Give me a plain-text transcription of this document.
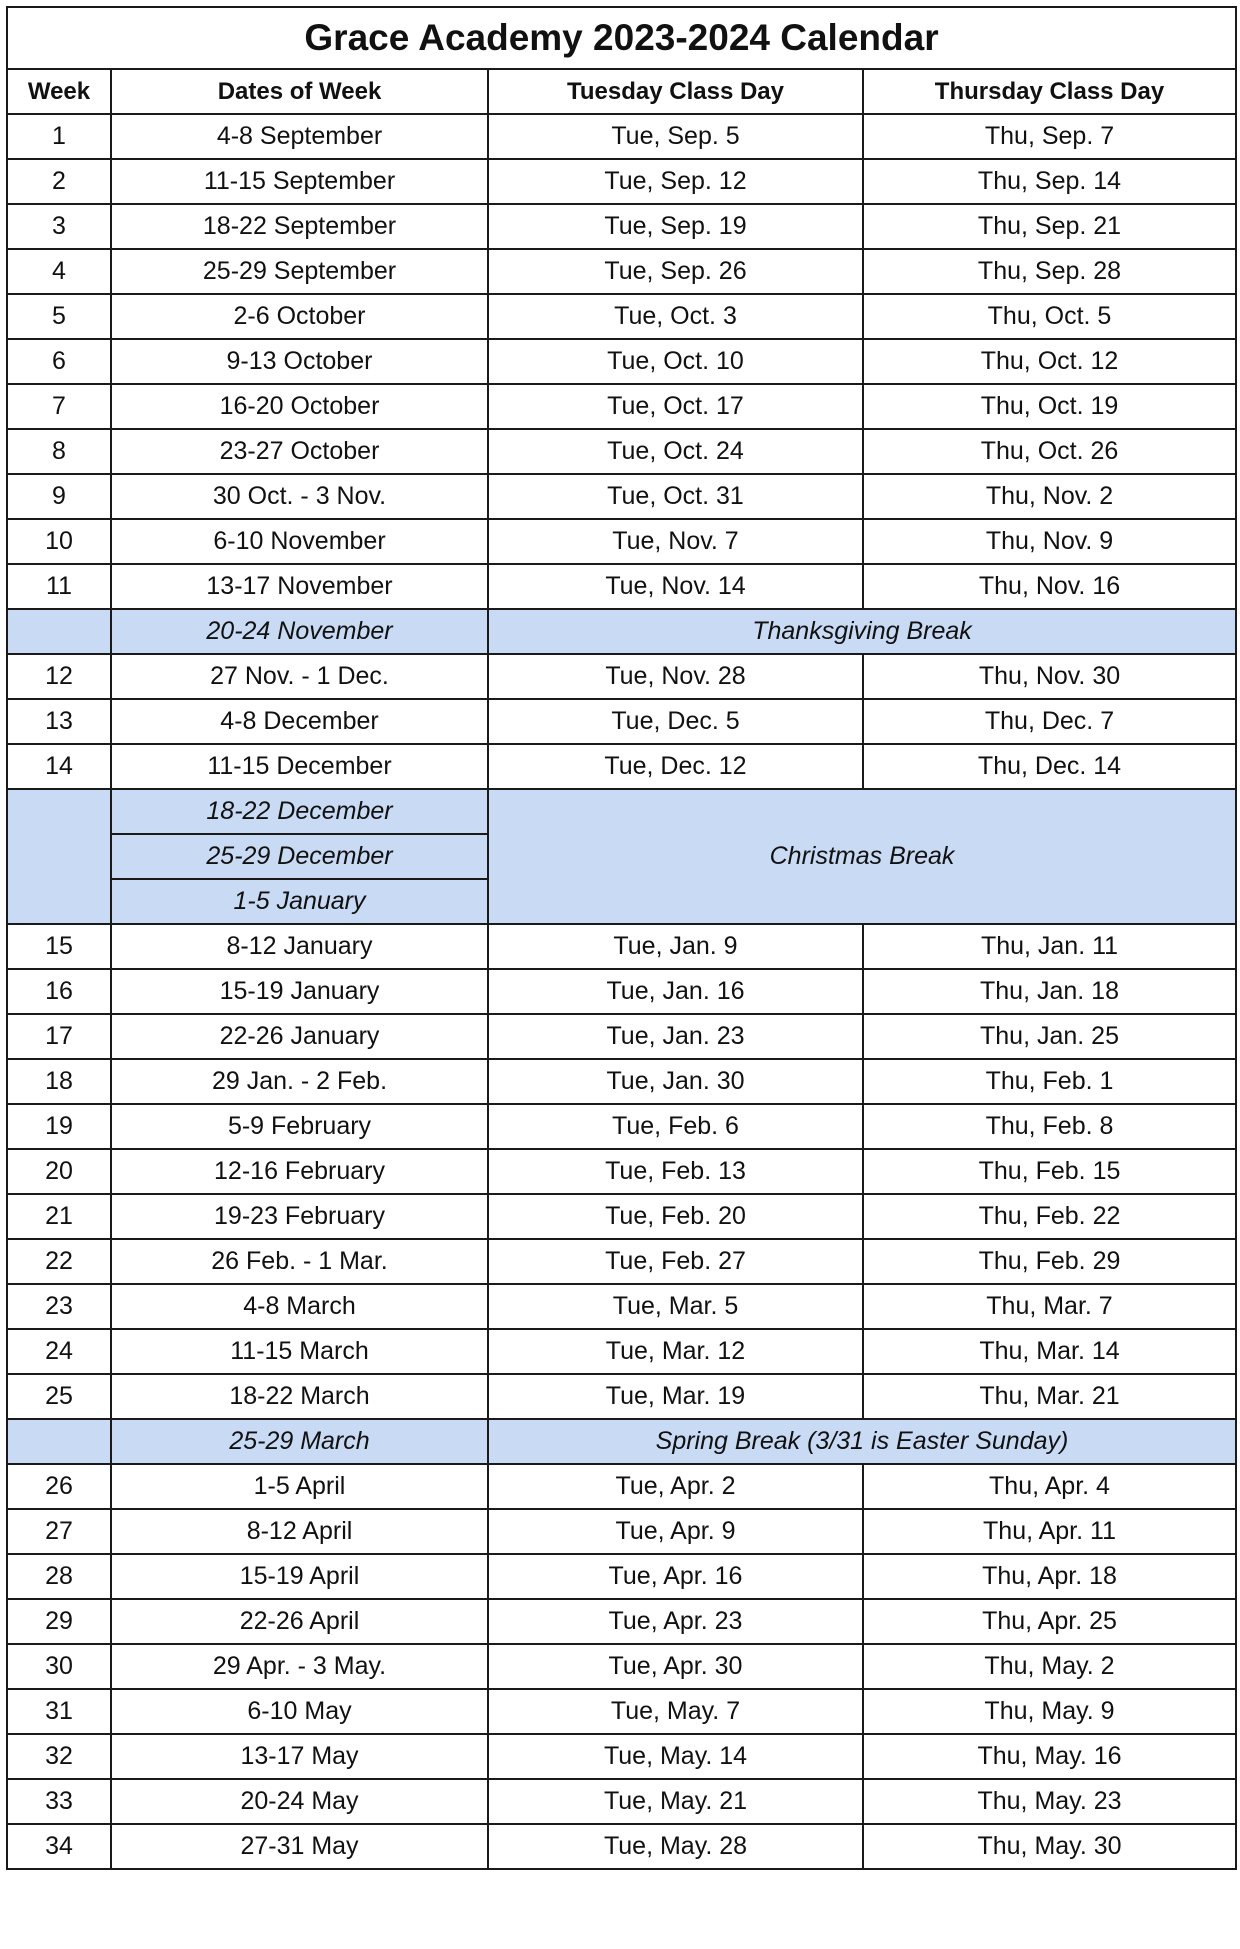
Grace Academy 2023-2024 Calendar			
Week	Dates of Week	Tuesday Class Day	Thursday Class Day
1	4-8 September	Tue, Sep. 5	Thu, Sep. 7
2	11-15 September	Tue, Sep. 12	Thu, Sep. 14
3	18-22 September	Tue, Sep. 19	Thu, Sep. 21
4	25-29 September	Tue, Sep. 26	Thu, Sep. 28
5	2-6 October	Tue, Oct. 3	Thu, Oct. 5
6	9-13 October	Tue, Oct. 10	Thu, Oct. 12
7	16-20 October	Tue, Oct. 17	Thu, Oct. 19
8	23-27 October	Tue, Oct. 24	Thu, Oct. 26
9	30 Oct. - 3 Nov.	Tue, Oct. 31	Thu, Nov. 2
10	6-10 November	Tue, Nov. 7	Thu, Nov. 9
11	13-17 November	Tue, Nov. 14	Thu, Nov. 16
	20-24 November	Thanksgiving Break	
12	27 Nov. - 1 Dec.	Tue, Nov. 28	Thu, Nov. 30
13	4-8 December	Tue, Dec. 5	Thu, Dec. 7
14	11-15 December	Tue, Dec. 12	Thu, Dec. 14
	18-22 December	Christmas Break	
	25-29 December		
	1-5 January		
15	8-12 January	Tue, Jan. 9	Thu, Jan. 11
16	15-19 January	Tue, Jan. 16	Thu, Jan. 18
17	22-26 January	Tue, Jan. 23	Thu, Jan. 25
18	29 Jan. - 2 Feb.	Tue, Jan. 30	Thu, Feb. 1
19	5-9 February	Tue, Feb. 6	Thu, Feb. 8
20	12-16 February	Tue, Feb. 13	Thu, Feb. 15
21	19-23 February	Tue, Feb. 20	Thu, Feb. 22
22	26 Feb. - 1 Mar.	Tue, Feb. 27	Thu, Feb. 29
23	4-8 March	Tue, Mar. 5	Thu, Mar. 7
24	11-15 March	Tue, Mar. 12	Thu, Mar. 14
25	18-22 March	Tue, Mar. 19	Thu, Mar. 21
	25-29 March	Spring Break (3/31 is Easter Sunday)	
26	1-5 April	Tue, Apr. 2	Thu, Apr. 4
27	8-12 April	Tue, Apr. 9	Thu, Apr. 11
28	15-19 April	Tue, Apr. 16	Thu, Apr. 18
29	22-26 April	Tue, Apr. 23	Thu, Apr. 25
30	29 Apr. - 3 May.	Tue, Apr. 30	Thu, May. 2
31	6-10 May	Tue, May. 7	Thu, May. 9
32	13-17 May	Tue, May. 14	Thu, May. 16
33	20-24 May	Tue, May. 21	Thu, May. 23
34	27-31 May	Tue, May. 28	Thu, May. 30
